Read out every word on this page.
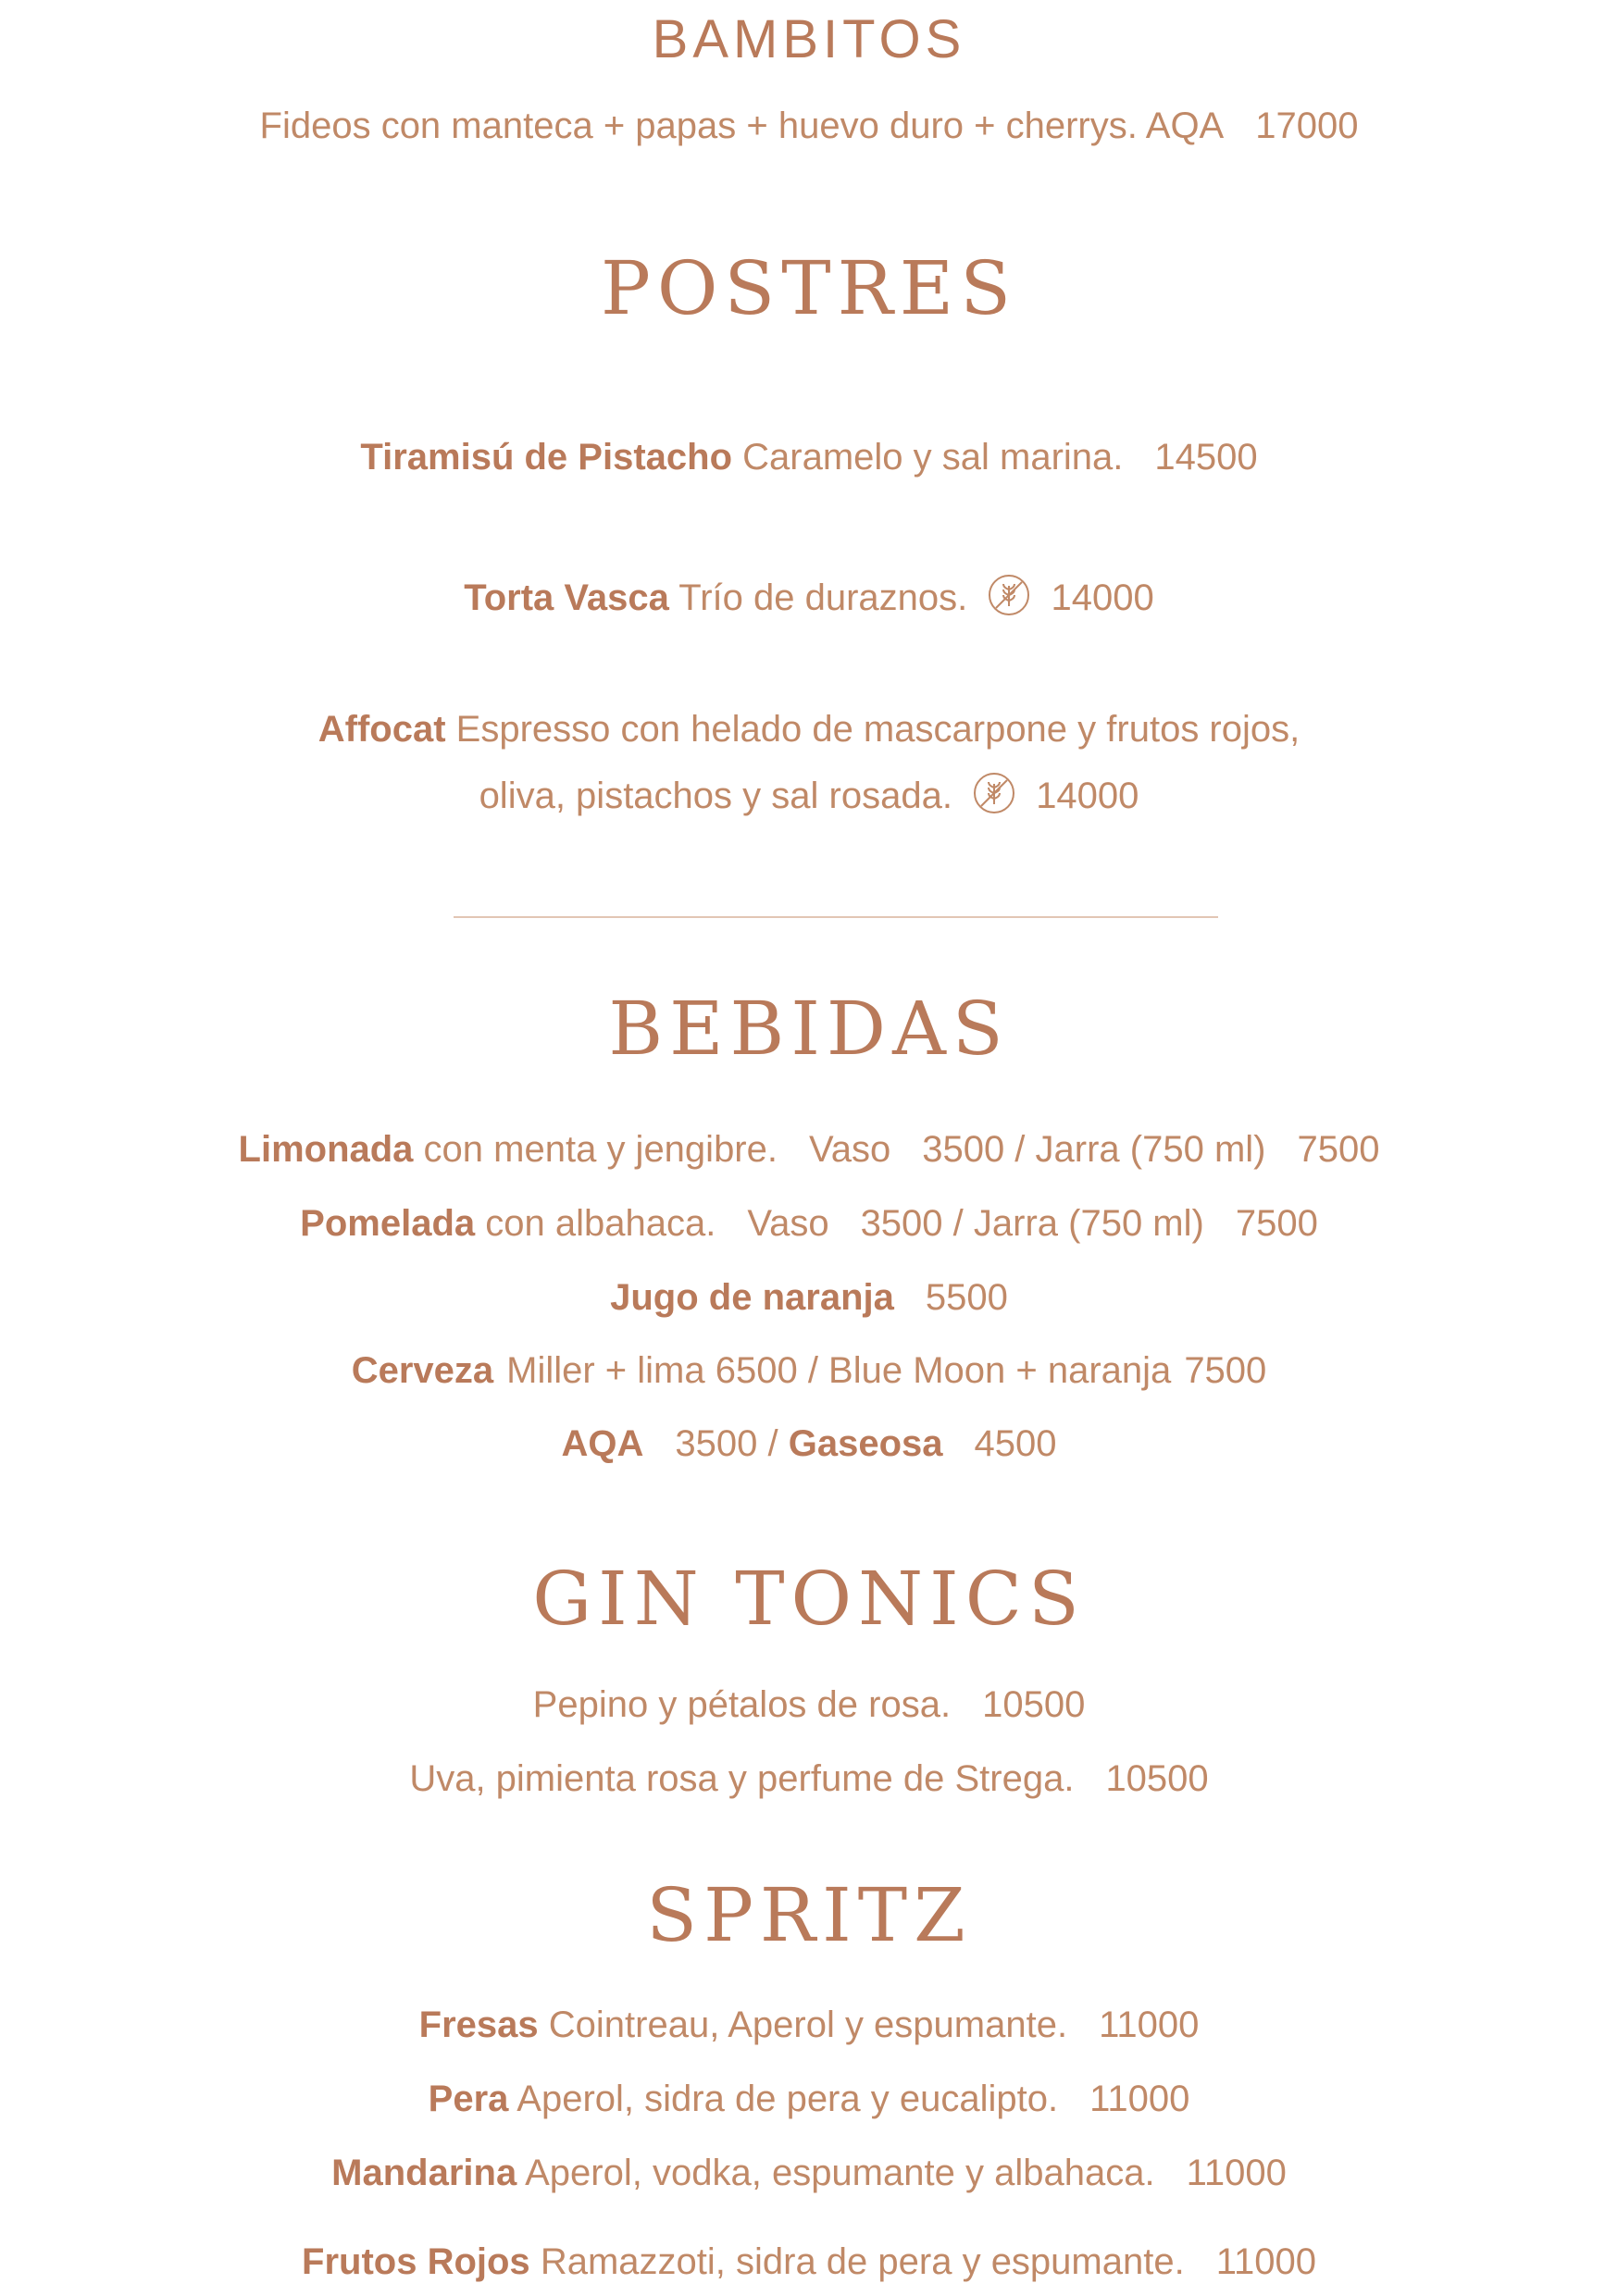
BAMBITOS
Fideos con manteca + papas + huevo duro + cherrys. AQA 17000
POSTRES
Tiramisú de Pistacho Caramelo y sal marina. 14500
Torta Vasca Trío de duraznos. 14000
Affocat Espresso con helado de mascarpone y frutos rojos,
oliva, pistachos y sal rosada. 14000
BEBIDAS
Limonada con menta y jengibre. Vaso 3500 / Jarra (750 ml) 7500
Pomelada con albahaca. Vaso 3500 / Jarra (750 ml) 7500
Jugo de naranja 5500
Cerveza Miller + lima 6500 / Blue Moon + naranja 7500
AQA 3500 / Gaseosa 4500
GIN TONICS
Pepino y pétalos de rosa. 10500
Uva, pimienta rosa y perfume de Strega. 10500
SPRITZ
Fresas Cointreau, Aperol y espumante. 11000
Pera Aperol, sidra de pera y eucalipto. 11000
Mandarina Aperol, vodka, espumante y albahaca. 11000
Frutos Rojos Ramazzoti, sidra de pera y espumante. 11000
